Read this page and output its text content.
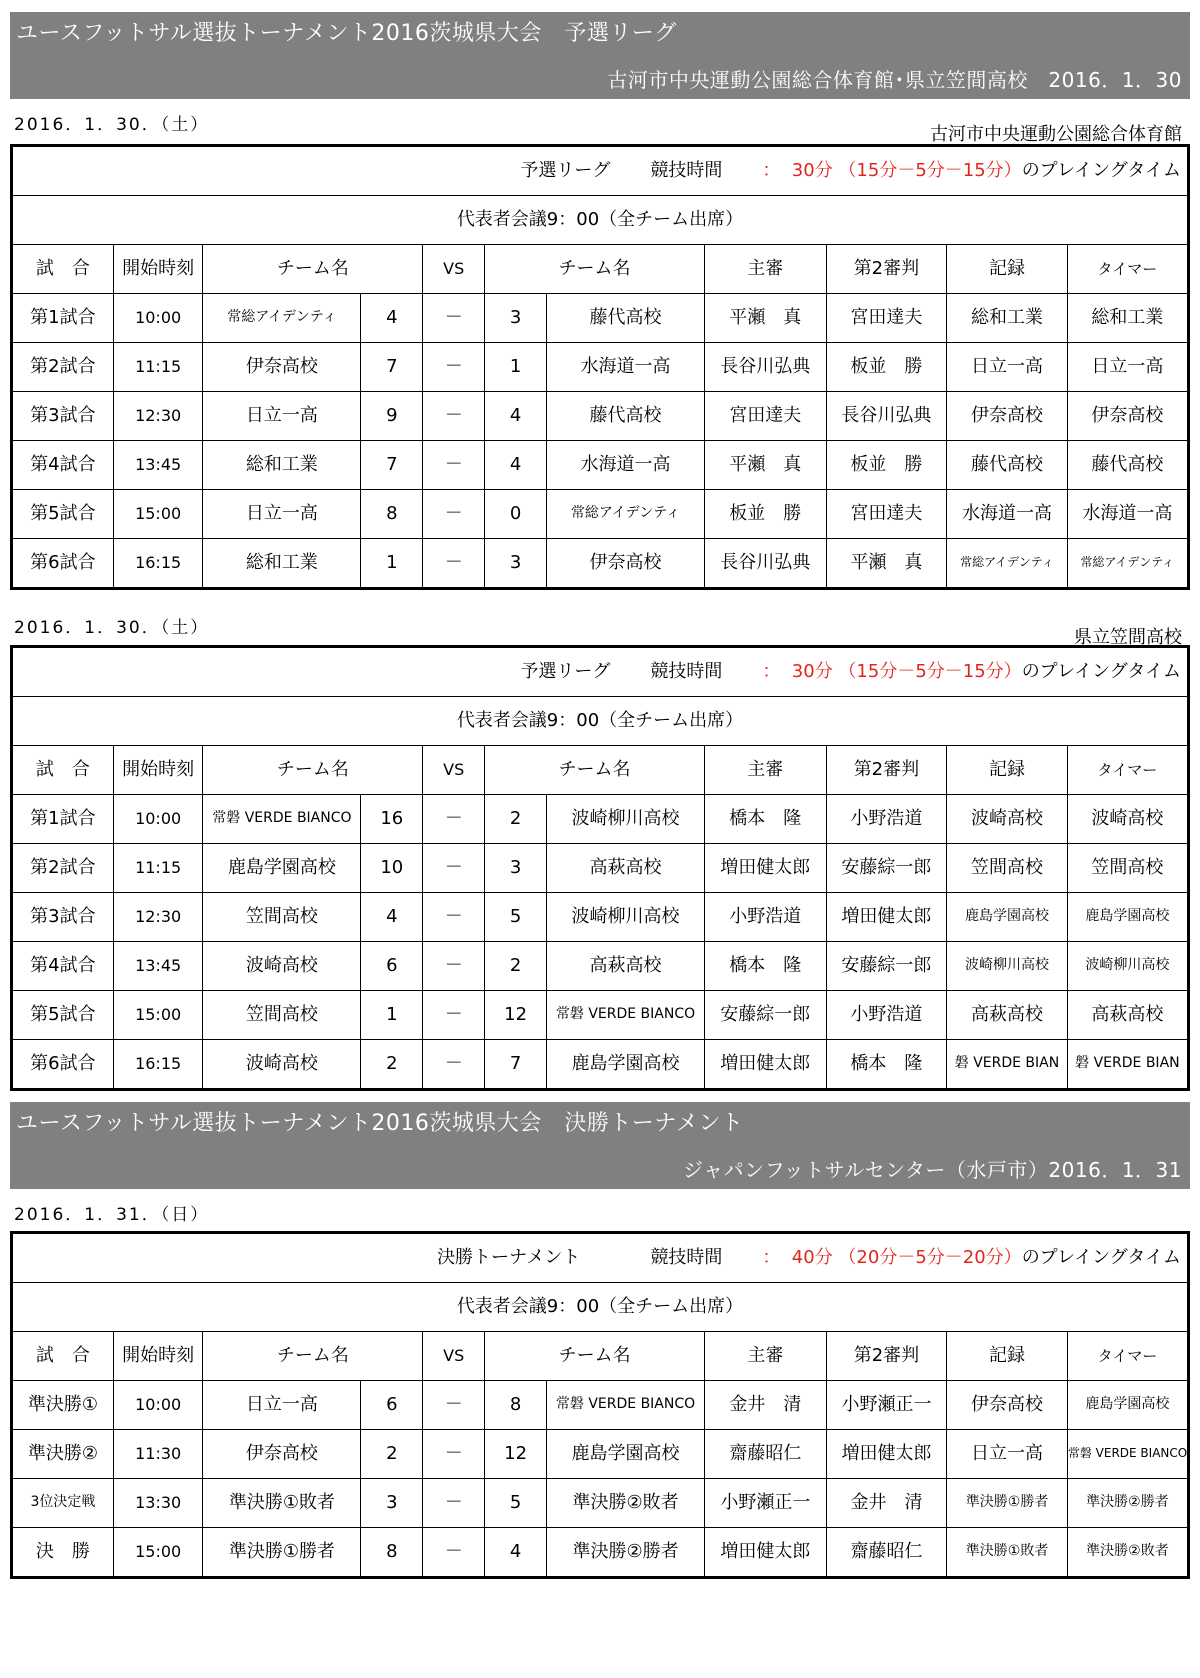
ユースフットサル選抜トーナメント2016茨城県大会　予選リーグ
古河市中央運動公園総合体育館･県立笠間高校　2016．1．30
2016．1．30．（土）	古河市中央運動公園総合体育館
予選リーグ 競技時間 ： 30分 （15分－5分－15分）のプレイングタイム										
代表者会議9：00（全チーム出席）										
試　合	開始時刻	チーム名		VS	チーム名		主審	第2審判	記録	タイマー
第1試合	10:00	常総アイデンティ	4	－	3	藤代高校	平瀬　真	宮田達夫	総和工業	総和工業
第2試合	11:15	伊奈高校	7	－	1	水海道一高	長谷川弘典	板並　勝	日立一高	日立一高
第3試合	12:30	日立一高	9	－	4	藤代高校	宮田達夫	長谷川弘典	伊奈高校	伊奈高校
第4試合	13:45	総和工業	7	－	4	水海道一高	平瀬　真	板並　勝	藤代高校	藤代高校
第5試合	15:00	日立一高	8	－	0	常総アイデンティ	板並　勝	宮田達夫	水海道一高	水海道一高
第6試合	16:15	総和工業	1	－	3	伊奈高校	長谷川弘典	平瀬　真	常総アイデンティ	常総アイデンティ
2016．1．30．（土）	県立笠間高校
予選リーグ 競技時間 ： 30分 （15分－5分－15分）のプレイングタイム										
代表者会議9：00（全チーム出席）										
試　合	開始時刻	チーム名		VS	チーム名		主審	第2審判	記録	タイマー
第1試合	10:00	常磐 VERDE BIANCO	16	－	2	波崎柳川高校	橋本　隆	小野浩道	波崎高校	波崎高校
第2試合	11:15	鹿島学園高校	10	－	3	高萩高校	増田健太郎	安藤綜一郎	笠間高校	笠間高校
第3試合	12:30	笠間高校	4	－	5	波崎柳川高校	小野浩道	増田健太郎	鹿島学園高校	鹿島学園高校
第4試合	13:45	波崎高校	6	－	2	高萩高校	橋本　隆	安藤綜一郎	波崎柳川高校	波崎柳川高校
第5試合	15:00	笠間高校	1	－	12	常磐 VERDE BIANCO	安藤綜一郎	小野浩道	高萩高校	高萩高校
第6試合	16:15	波崎高校	2	－	7	鹿島学園高校	増田健太郎	橋本　隆	磐 VERDE BIAN	磐 VERDE BIAN
ユースフットサル選抜トーナメント2016茨城県大会　決勝トーナメント
ジャパンフットサルセンター（水戸市）2016．1．31
2016．1．31．（日）
決勝トーナメント 競技時間 ： 40分 （20分－5分－20分）のプレイングタイム										
代表者会議9：00（全チーム出席）										
試　合	開始時刻	チーム名		VS	チーム名		主審	第2審判	記録	タイマー
準決勝①	10:00	日立一高	6	－	8	常磐 VERDE BIANCO	金井　清	小野瀬正一	伊奈高校	鹿島学園高校
準決勝②	11:30	伊奈高校	2	－	12	鹿島学園高校	齋藤昭仁	増田健太郎	日立一高	常磐 VERDE BIANCO
3位決定戦	13:30	準決勝①敗者	3	－	5	準決勝②敗者	小野瀬正一	金井　清	準決勝①勝者	準決勝②勝者
決　勝	15:00	準決勝①勝者	8	－	4	準決勝②勝者	増田健太郎	齋藤昭仁	準決勝①敗者	準決勝②敗者
